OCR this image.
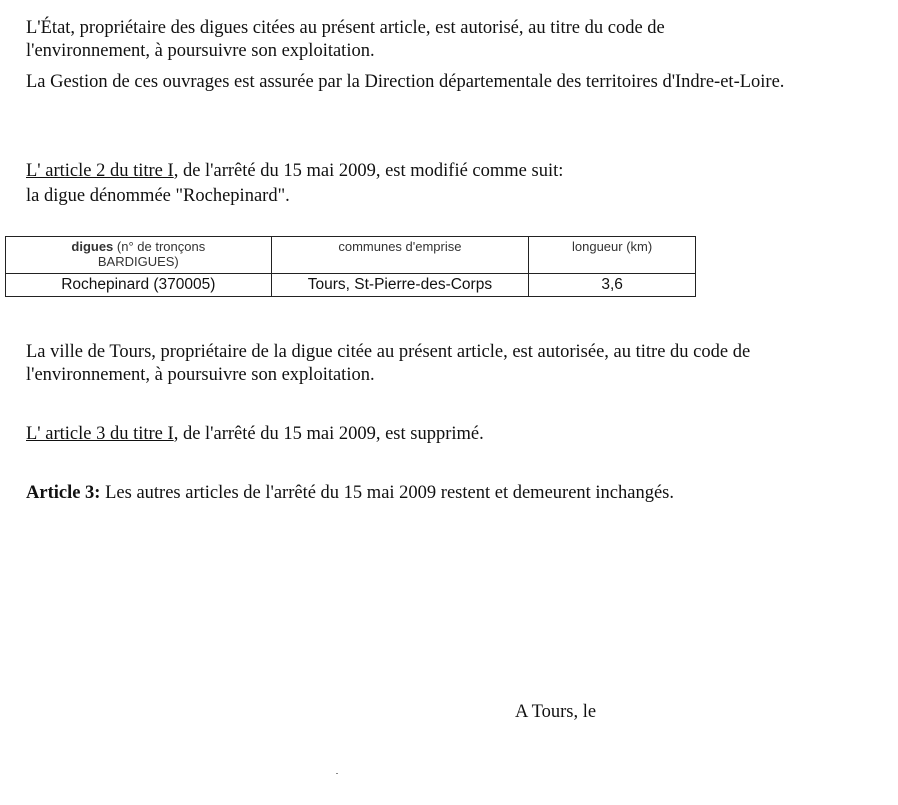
L'État, propriétaire des digues citées au présent article, est autorisé, au titre du code de
l'environnement, à poursuivre son exploitation.

La Gestion de ces ouvrages est assurée par la Direction départementale des territoires d'Indre-et-Loire.

L' article 2 du titre I, de l'arrêté du 15 mai 2009, est modifié comme suit:

la digue dénommée "Rochepinard".

digues (n° de tronçons
BARDIGUES)	communes d'emprise	longueur (km)
Rochepinard (370005)	Tours, St-Pierre-des-Corps	3,6

La ville de Tours, propriétaire de la digue citée au présent article, est autorisée, au titre du code de
l'environnement, à poursuivre son exploitation.

L' article 3 du titre I, de l'arrêté du 15 mai 2009, est supprimé.

Article 3: Les autres articles de l'arrêté du 15 mai 2009 restent et demeurent inchangés.

A Tours, le
